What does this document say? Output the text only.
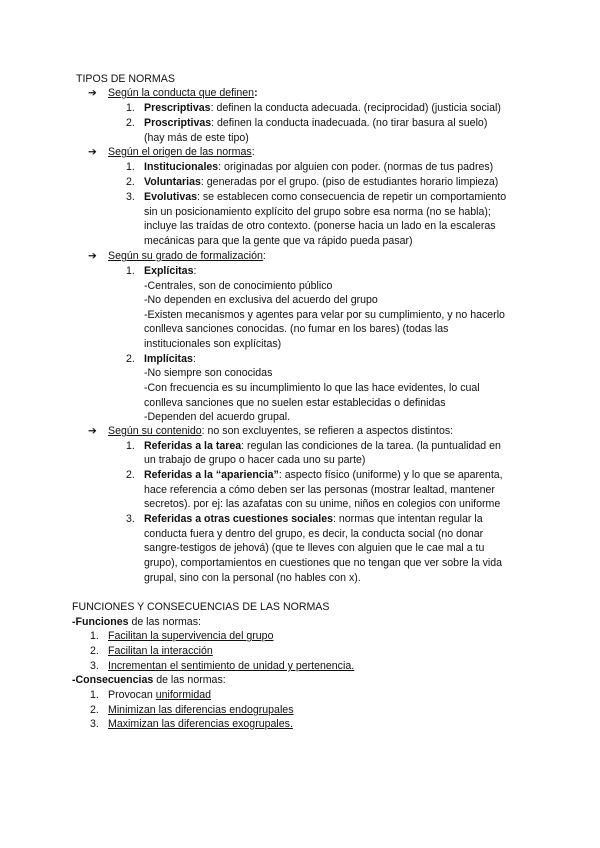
TIPOS DE NORMAS
➔ Según la conducta que definen:
1. Prescriptivas: definen la conducta adecuada. (reciprocidad) (justicia social)
2. Proscriptivas: definen la conducta inadecuada. (no tirar basura al suelo)
(hay más de este tipo)
➔ Según el origen de las normas:
1. Institucionales: originadas por alguien con poder. (normas de tus padres)
2. Voluntarias: generadas por el grupo. (piso de estudiantes horario limpieza)
3. Evolutivas: se establecen como consecuencia de repetir un comportamiento
sin un posicionamiento explícito del grupo sobre esa norma (no se habla);
incluye las traídas de otro contexto. (ponerse hacia un lado en la escaleras
mecánicas para que la gente que va rápido pueda pasar)
➔ Según su grado de formalización:
1. Explícitas:
-Centrales, son de conocimiento público
-No dependen en exclusiva del acuerdo del grupo
-Existen mecanismos y agentes para velar por su cumplimiento, y no hacerlo
conlleva sanciones conocidas. (no fumar en los bares) (todas las
institucionales son explícitas)
2. Implícitas:
-No siempre son conocidas
-Con frecuencia es su incumplimiento lo que las hace evidentes, lo cual
conlleva sanciones que no suelen estar establecidas o definidas
-Dependen del acuerdo grupal.
➔ Según su contenido: no son excluyentes, se refieren a aspectos distintos:
1. Referidas a la tarea: regulan las condiciones de la tarea. (la puntualidad en
un trabajo de grupo o hacer cada uno su parte)
2. Referidas a la “apariencia”: aspecto físico (uniforme) y lo que se aparenta,
hace referencia a cómo deben ser las personas (mostrar lealtad, mantener
secretos). por ej: las azafatas con su unime, niños en colegios con uniforme
3. Referidas a otras cuestiones sociales: normas que intentan regular la
conducta fuera y dentro del grupo, es decir, la conducta social (no donar
sangre-testigos de jehová) (que te lleves con alguien que le cae mal a tu
grupo), comportamientos en cuestiones que no tengan que ver sobre la vida
grupal, sino con la personal (no hables con x).
FUNCIONES Y CONSECUENCIAS DE LAS NORMAS
-Funciones de las normas:
1. Facilitan la supervivencia del grupo
2. Facilitan la interacción
3. Incrementan el sentimiento de unidad y pertenencia.
-Consecuencias de las normas:
1. Provocan uniformidad
2. Minimizan las diferencias endogrupales
3. Maximizan las diferencias exogrupales.
